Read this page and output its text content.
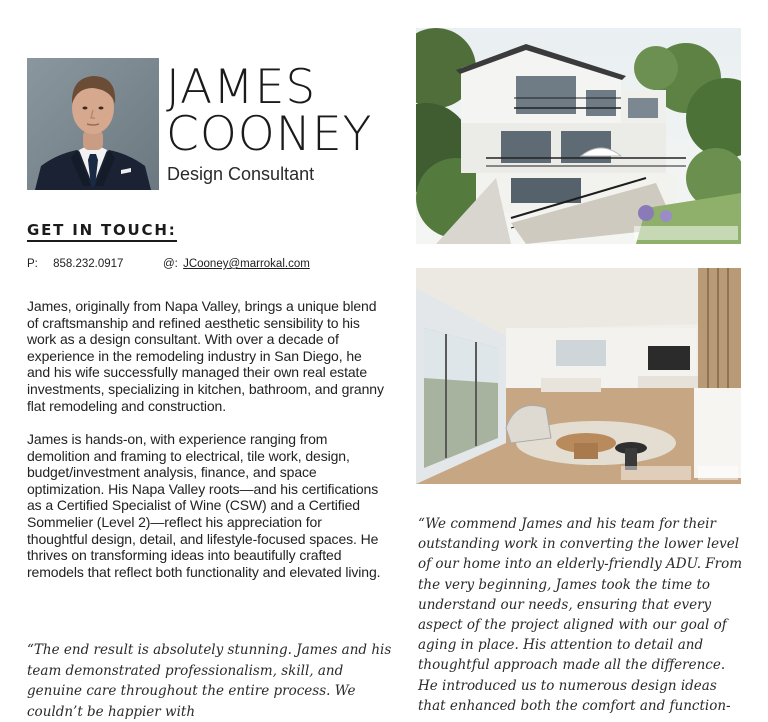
JAMES
COONEY
Design Consultant
GET IN TOUCH:
P: 858.232.0917	@: JCooney@marrokal.com
James, originally from Napa Valley, brings a unique blend of craftsmanship and refined aesthetic sensibility to his work as a design consultant. With over a decade of experience in the remodeling industry in San Diego, he and his wife successfully managed their own real estate investments, specializing in kitchen, bathroom, and granny flat remodeling and construction.
James is hands-on, with experience ranging from demolition and framing to electrical, tile work, design, budget/investment analysis, finance, and space optimization. His Napa Valley roots—and his certifications as a Certified Specialist of Wine (CSW) and a Certified Sommelier (Level 2)—reflect his appreciation for thoughtful design, detail, and lifestyle-focused spaces. He thrives on transforming ideas into beautifully crafted remodels that reflect both functionality and elevated living.
“The end result is absolutely stunning. James and his team demonstrated professionalism, skill, and genuine care throughout the entire process. We couldn’t be happier with
“We commend James and his team for their outstanding work in converting the lower level of our home into an elderly-friendly ADU. From the very beginning, James took the time to understand our needs, ensuring that every aspect of the project aligned with our goal of aging in place. His attention to detail and thoughtful approach made all the difference. He introduced us to numerous design ideas that enhanced both the comfort and function-
